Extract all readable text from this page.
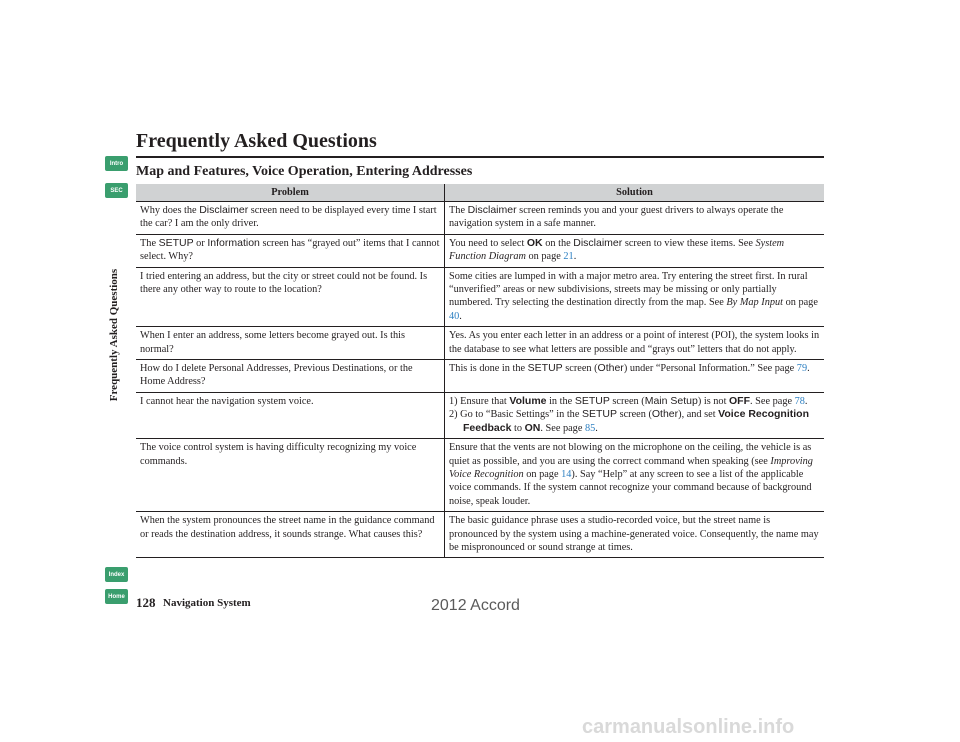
Intro
SEC
Index
Home
Frequently Asked Questions
Frequently Asked Questions
Map and Features, Voice Operation, Entering Addresses
Problem	Solution
Why does the Disclaimer screen need to be displayed every time I start the car? I am the only driver.	The Disclaimer screen reminds you and your guest drivers to always operate the navigation system in a safe manner.
The SETUP or Information screen has “grayed out” items that I cannot select. Why?	You need to select OK on the Disclaimer screen to view these items. See System Function Diagram on page 21.
I tried entering an address, but the city or street could not be found. Is there any other way to route to the location?	Some cities are lumped in with a major metro area. Try entering the street first. In rural “unverified” areas or new subdivisions, streets may be missing or only partially numbered. Try selecting the destination directly from the map. See By Map Input on page 40.
When I enter an address, some letters become grayed out. Is this normal?	Yes. As you enter each letter in an address or a point of interest (POI), the system looks in the database to see what letters are possible and “grays out” letters that do not apply.
How do I delete Personal Addresses, Previous Destinations, or the Home Address?	This is done in the SETUP screen (Other) under “Personal Information.” See page 79.
I cannot hear the navigation system voice.	1) Ensure that Volume in the SETUP screen (Main Setup) is not OFF. See page 78.
2) Go to “Basic Settings” in the SETUP screen (Other), and set Voice Recognition Feedback to ON. See page 85.

The voice control system is having difficulty recognizing my voice commands.	Ensure that the vents are not blowing on the microphone on the ceiling, the vehicle is as quiet as possible, and you are using the correct command when speaking (see Improving Voice Recognition on page 14). Say “Help” at any screen to see a list of the applicable voice commands. If the system cannot recognize your command because of background noise, speak louder.
When the system pronounces the street name in the guidance command or reads the destination address, it sounds strange. What causes this?	The basic guidance phrase uses a studio-recorded voice, but the street name is pronounced by the system using a machine-generated voice. Consequently, the name may be mispronounced or sound strange at times.
128 Navigation System	2012 Accord
carmanualsonline.info
